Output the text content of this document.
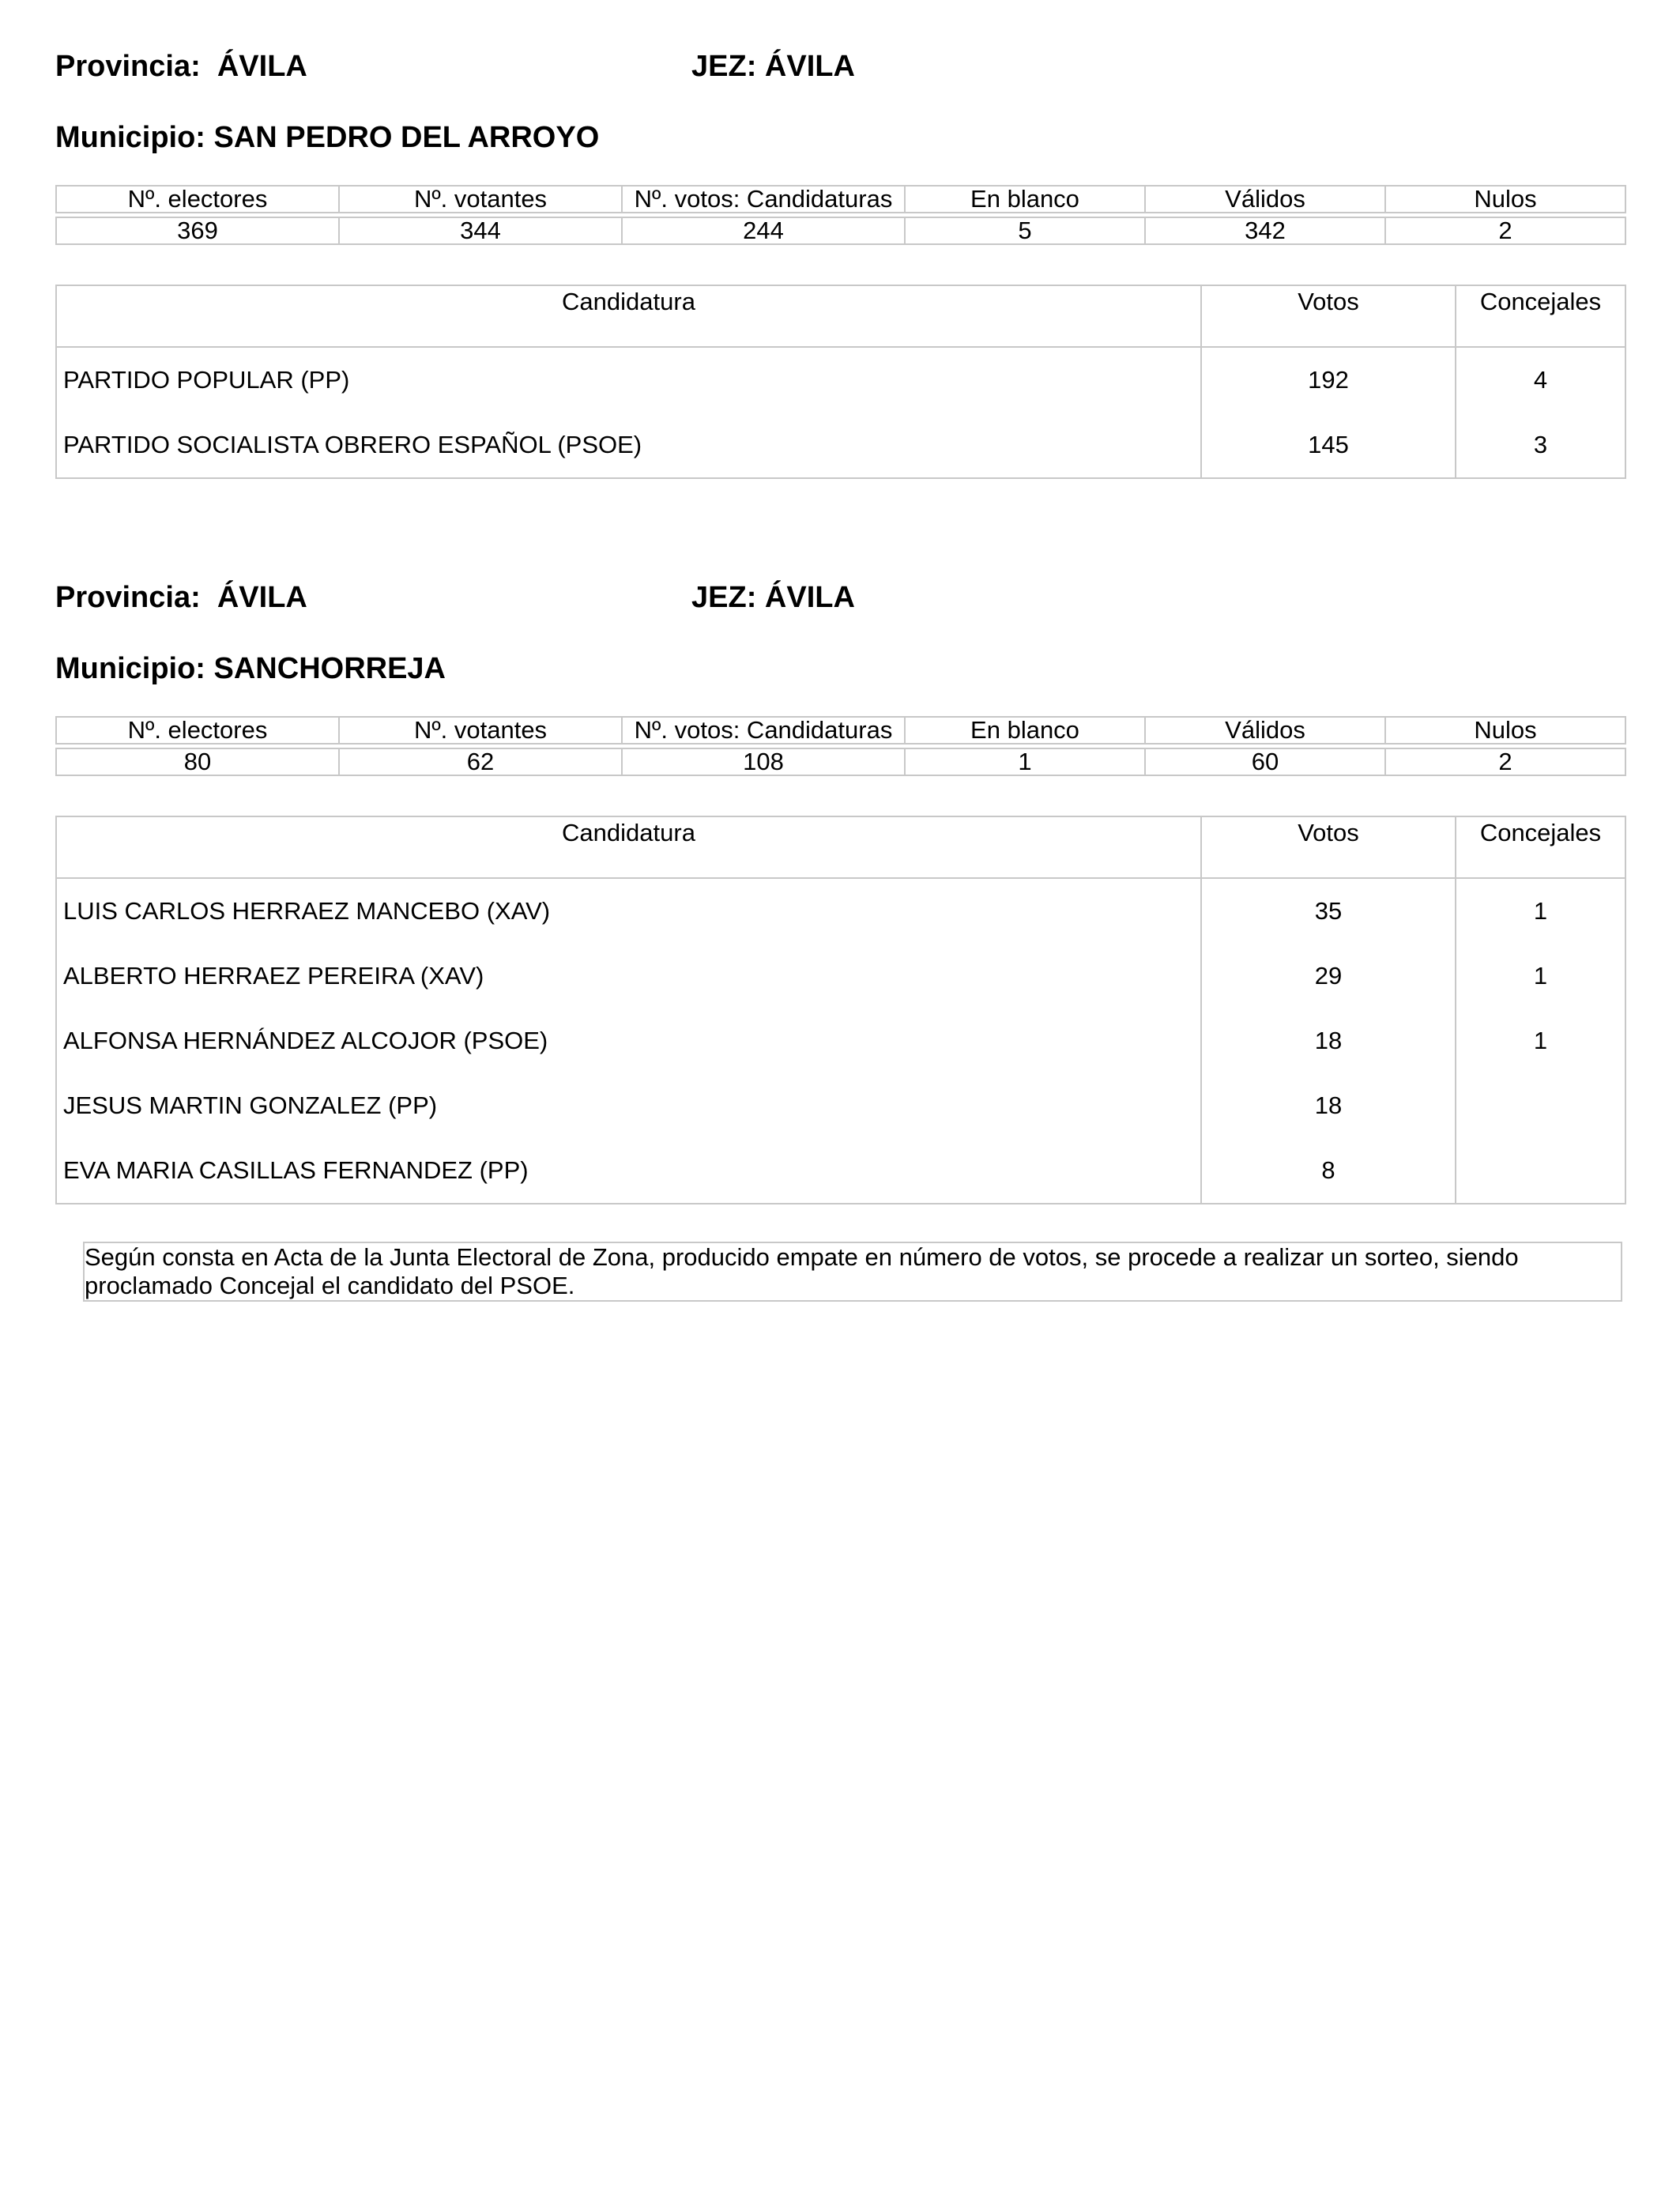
Provincia:  ÁVILA	JEZ: ÁVILA
Municipio: SAN PEDRO DEL ARROYO
Nº. electores	Nº. votantes	Nº. votos: Candidaturas	En blanco	Válidos	Nulos

369	344	244	5	342	2
Candidatura	Votos	Concejales
PARTIDO POPULAR (PP)	192	4
PARTIDO SOCIALISTA OBRERO ESPAÑOL (PSOE)	145	3
Provincia:  ÁVILA	JEZ: ÁVILA
Municipio: SANCHORREJA
Nº. electores	Nº. votantes	Nº. votos: Candidaturas	En blanco	Válidos	Nulos

80	62	108	1	60	2
Candidatura	Votos	Concejales
LUIS CARLOS HERRAEZ MANCEBO (XAV)	35	1
ALBERTO HERRAEZ PEREIRA (XAV)	29	1
ALFONSA HERNÁNDEZ ALCOJOR (PSOE)	18	1
JESUS MARTIN GONZALEZ (PP)	18	
EVA MARIA CASILLAS FERNANDEZ (PP)	8	
Según consta en Acta de la Junta Electoral de Zona, producido empate en número de votos, se procede a realizar un sorteo, siendo proclamado Concejal el candidato del PSOE.
